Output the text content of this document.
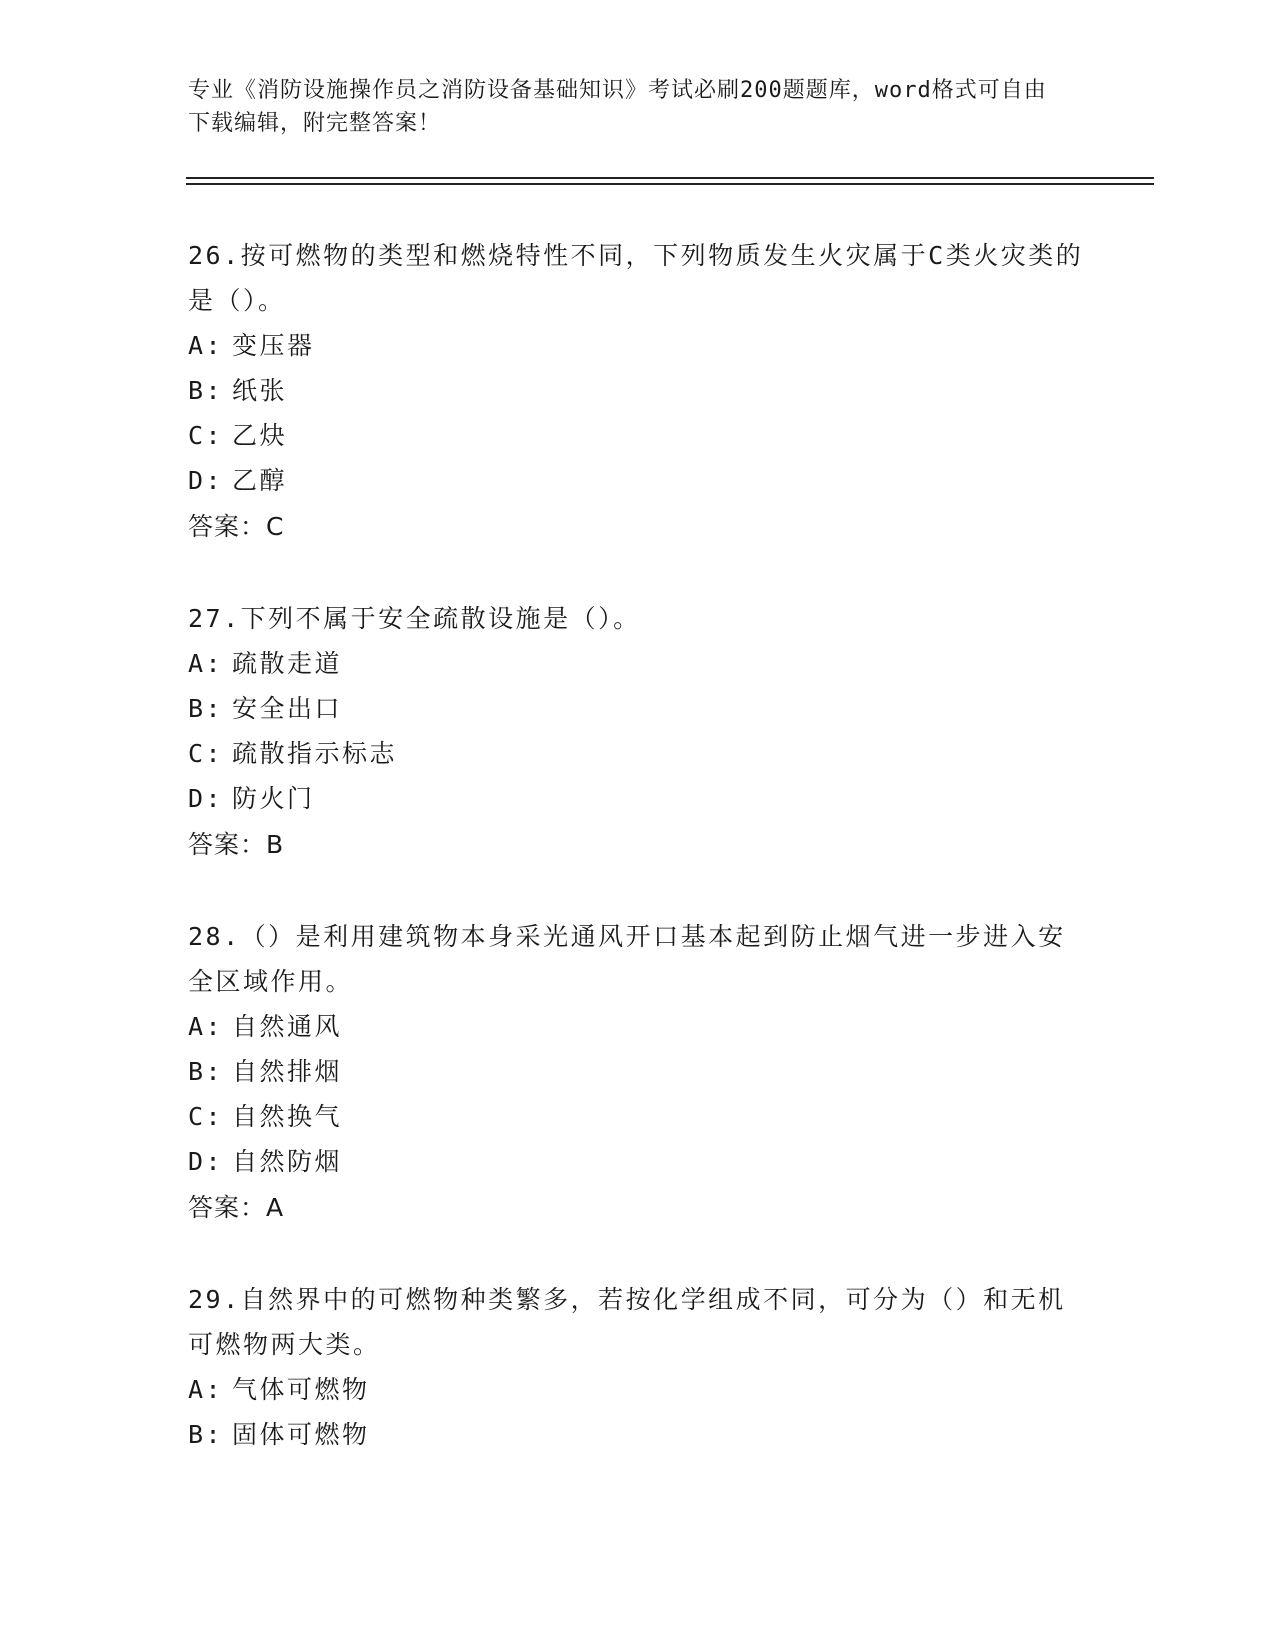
专业《消防设施操作员之消防设备基础知识》考试必刷200题题库，word格式可自由下载编辑，附完整答案！

26.按可燃物的类型和燃烧特性不同，下列物质发生火灾属于C类火灾类的是（）。

A: 变压器
B: 纸张
C: 乙炔
D: 乙醇
答案：C

27.下列不属于安全疏散设施是（）。

A: 疏散走道
B: 安全出口
C: 疏散指示标志
D: 防火门
答案：B

28.（）是利用建筑物本身采光通风开口基本起到防止烟气进一步进入安全区域作用。

A: 自然通风
B: 自然排烟
C: 自然换气
D: 自然防烟
答案：A

29.自然界中的可燃物种类繁多，若按化学组成不同，可分为（）和无机可燃物两大类。

A: 气体可燃物
B: 固体可燃物
